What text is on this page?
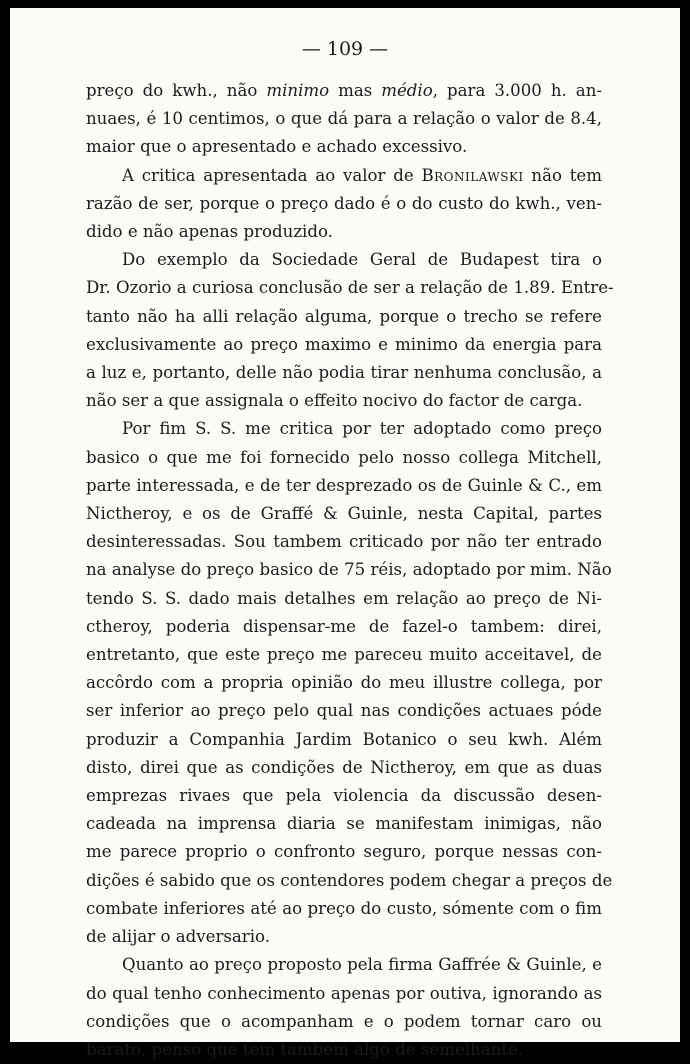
— 109 —
preço do kwh., não minimo mas médio, para 3.000 h. an-
nuaes, é 10 centimos, o que dá para a relação o valor de 8.4,
maior que o apresentado e achado excessivo.
A critica apresentada ao valor de Bronilawski não tem
razão de ser, porque o preço dado é o do custo do kwh., ven-
dido e não apenas produzido.
Do exemplo da Sociedade Geral de Budapest tira o
Dr. Ozorio a curiosa conclusão de ser a relação de 1.89. Entre-
tanto não ha alli relação alguma, porque o trecho se refere
exclusivamente ao preço maximo e minimo da energia para
a luz e, portanto, delle não podia tirar nenhuma conclusão, a
não ser a que assignala o effeito nocivo do factor de carga.
Por fim S. S. me critica por ter adoptado como preço
basico o que me foi fornecido pelo nosso collega Mitchell,
parte interessada, e de ter desprezado os de Guinle & C., em
Nictheroy, e os de Graffé & Guinle, nesta Capital, partes
desinteressadas. Sou tambem criticado por não ter entrado
na analyse do preço basico de 75 réis, adoptado por mim. Não
tendo S. S. dado mais detalhes em relação ao preço de Ni-
ctheroy, poderia dispensar-me de fazel-o tambem: direi,
entretanto, que este preço me pareceu muito acceitavel, de
accôrdo com a propria opinião do meu illustre collega, por
ser inferior ao preço pelo qual nas condições actuaes póde
produzir a Companhia Jardim Botanico o seu kwh. Além
disto, direi que as condições de Nictheroy, em que as duas
emprezas rivaes que pela violencia da discussão desen-
cadeada na imprensa diaria se manifestam inimigas, não
me parece proprio o confronto seguro, porque nessas con-
dições é sabido que os contendores podem chegar a preços de
combate inferiores até ao preço do custo, sómente com o fim
de alijar o adversario.
Quanto ao preço proposto pela firma Gaffrée & Guinle, e
do qual tenho conhecimento apenas por outiva, ignorando as
condições que o acompanham e o podem tornar caro ou
barato, penso que tem tambem algo de semelhante.
